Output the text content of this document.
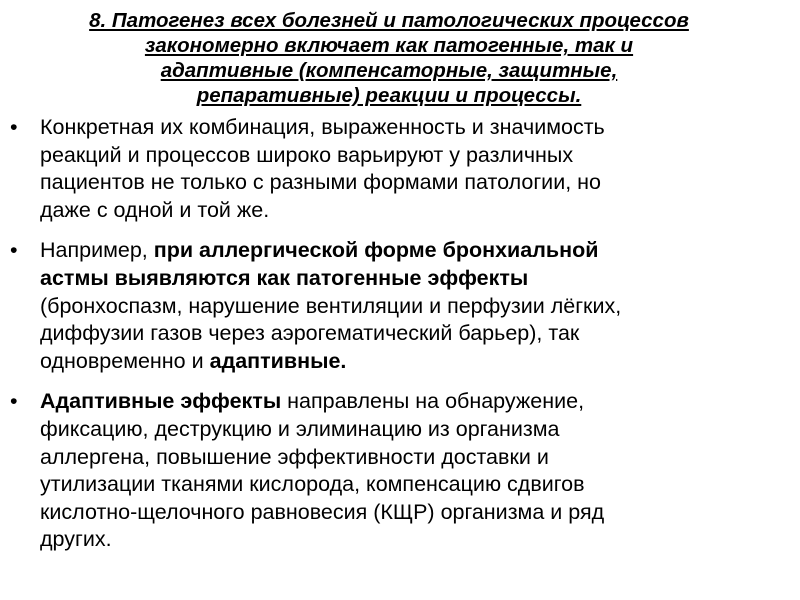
8. Патогенез всех болезней и патологических процессов
закономерно включает как патогенные, так и
адаптивные (компенсаторные, защитные,
репаративные) реакции и процессы.
• Конкретная их комбинация, выраженность и значимость
реакций и процессов широко варьируют у различных
пациентов не только с разными формами патологии, но
даже с одной и той же.
• Например, при аллергической форме бронхиальной
астмы выявляются как патогенные эффекты
(бронхоспазм, нарушение вентиляции и перфузии лёгких,
диффузии газов через аэрогематический барьер), так
одновременно и адаптивные.
• Адаптивные эффекты направлены на обнаружение,
фиксацию, деструкцию и элиминацию из организма
аллергена, повышение эффективности доставки и
утилизации тканями кислорода, компенсацию сдвигов
кислотно-щелочного равновесия (КЩР) организма и ряд
других.
